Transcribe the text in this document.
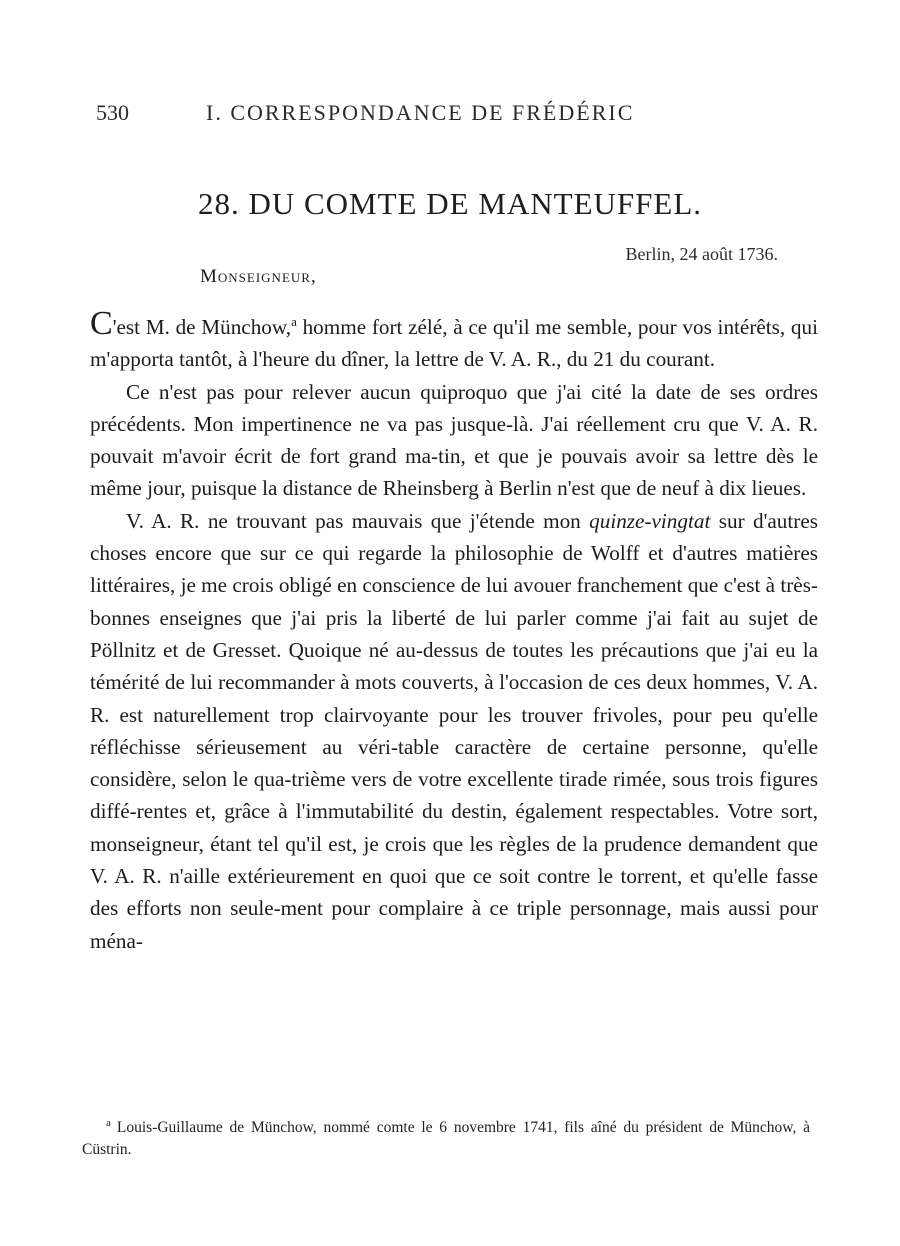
530	I. CORRESPONDANCE DE FRÉDÉRIC
28. DU COMTE DE MANTEUFFEL.
Berlin, 24 août 1736.
Monseigneur,

C'est M. de Münchow,$^a$ homme fort zélé, à ce qu'il me semble, pour vos intérêts, qui m'apporta tantôt, à l'heure du dîner, la lettre de V. A. R., du 21 du courant.

Ce n'est pas pour relever aucun quiproquo que j'ai cité la date de ses ordres précédents. Mon impertinence ne va pas jusque-là. J'ai réellement cru que V. A. R. pouvait m'avoir écrit de fort grand ma-tin, et que je pouvais avoir sa lettre dès le même jour, puisque la distance de Rheinsberg à Berlin n'est que de neuf à dix lieues.

V. A. R. ne trouvant pas mauvais que j'étende mon quinze-vingtat sur d'autres choses encore que sur ce qui regarde la philosophie de Wolff et d'autres matières littéraires, je me crois obligé en conscience de lui avouer franchement que c'est à très-bonnes enseignes que j'ai pris la liberté de lui parler comme j'ai fait au sujet de Pöllnitz et de Gresset. Quoique né au-dessus de toutes les précautions que j'ai eu la témérité de lui recommander à mots couverts, à l'occasion de ces deux hommes, V. A. R. est naturellement trop clairvoyante pour les trouver frivoles, pour peu qu'elle réfléchisse sérieusement au véri-table caractère de certaine personne, qu'elle considère, selon le qua-trième vers de votre excellente tirade rimée, sous trois figures diffé-rentes et, grâce à l'immutabilité du destin, également respectables. Votre sort, monseigneur, étant tel qu'il est, je crois que les règles de la prudence demandent que V. A. R. n'aille extérieurement en quoi que ce soit contre le torrent, et qu'elle fasse des efforts non seule-ment pour complaire à ce triple personnage, mais aussi pour ména-

$^a$ Louis-Guillaume de Münchow, nommé comte le 6 novembre 1741, fils aîné du président de Münchow, à Cüstrin.
